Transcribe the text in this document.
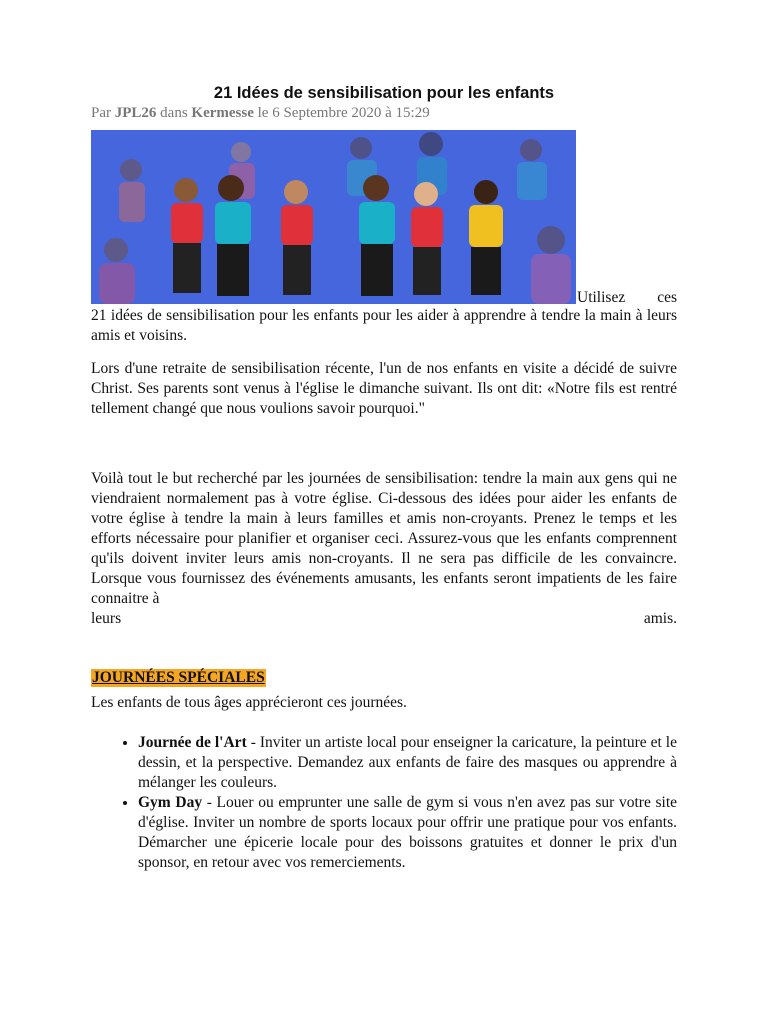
21 Idées de sensibilisation pour les enfants
Par JPL26 dans Kermesse le 6 Septembre 2020 à 15:29
Utilisez ces

21 idées de sensibilisation pour les enfants pour les aider à apprendre à tendre la main à leurs amis et voisins.

Lors d'une retraite de sensibilisation récente, l'un de nos enfants en visite a décidé de suivre Christ. Ses parents sont venus à l'église le dimanche suivant. Ils ont dit: «Notre fils est rentré tellement changé que nous voulions savoir pourquoi."

Voilà tout le but recherché par les journées de sensibilisation: tendre la main aux gens qui ne viendraient normalement pas à votre église. Ci-dessous des idées pour aider les enfants de votre église à tendre la main à leurs familles et amis non-croyants. Prenez le temps et les efforts nécessaire pour planifier et organiser ceci. Assurez-vous que les enfants comprennent qu'ils doivent inviter leurs amis non-croyants. Il ne sera pas difficile de les convaincre. Lorsque vous fournissez des événements amusants, les enfants seront impatients de les faire connaitre à
leurs amis.

JOURNÉES SPÉCIALES

Les enfants de tous âges apprécieront ces journées.

• Journée de l'Art - Inviter un artiste local pour enseigner la caricature, la peinture et le dessin, et la perspective. Demandez aux enfants de faire des masques ou apprendre à mélanger les couleurs.
• Gym Day - Louer ou emprunter une salle de gym si vous n'en avez pas sur votre site d'église. Inviter un nombre de sports locaux pour offrir une pratique pour vos enfants. Démarcher une épicerie locale pour des boissons gratuites et donner le prix d'un sponsor, en retour avec vos remerciements.
